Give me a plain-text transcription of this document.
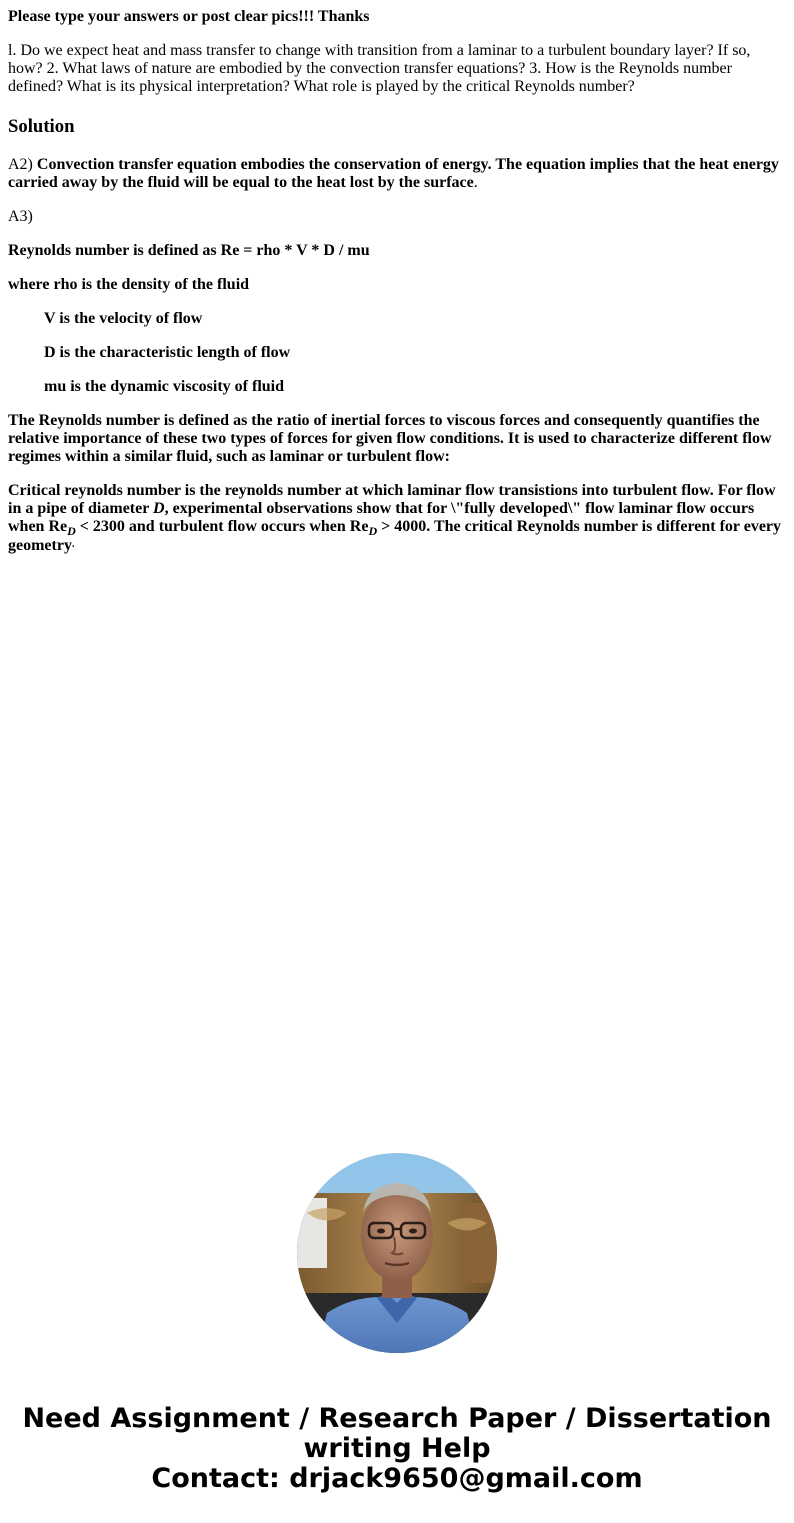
Please type your answers or post clear pics!!! Thanks

l. Do we expect heat and mass transfer to change with transition from a laminar to a turbulent boundary layer? If so, how? 2. What laws of nature are embodied by the convection transfer equations? 3. How is the Reynolds number defined? What is its physical interpretation? What role is played by the critical Reynolds number?

Solution

A2) Convection transfer equation embodies the conservation of energy. The equation implies that the heat energy carried away by the fluid will be equal to the heat lost by the surface.

A3)

Reynolds number is defined as Re = rho * V * D / mu

where rho is the density of the fluid

V is the velocity of flow

D is the characteristic length of flow

mu is the dynamic viscosity of fluid

The Reynolds number is defined as the ratio of inertial forces to viscous forces and consequently quantifies the relative importance of these two types of forces for given flow conditions. It is used to characterize different flow regimes within a similar fluid, such as laminar or turbulent flow:

Critical reynolds number is the reynolds number at which laminar flow transistions into turbulent flow. For flow in a pipe of diameter D, experimental observations show that for \"fully developed\" flow laminar flow occurs when $Re_D < 2300$ and turbulent flow occurs when $Re_D > 4000$. The critical Reynolds number is different for every geometry.

Need Assignment / Research Paper / Dissertation
writing Help
Contact: drjack9650@gmail.com
